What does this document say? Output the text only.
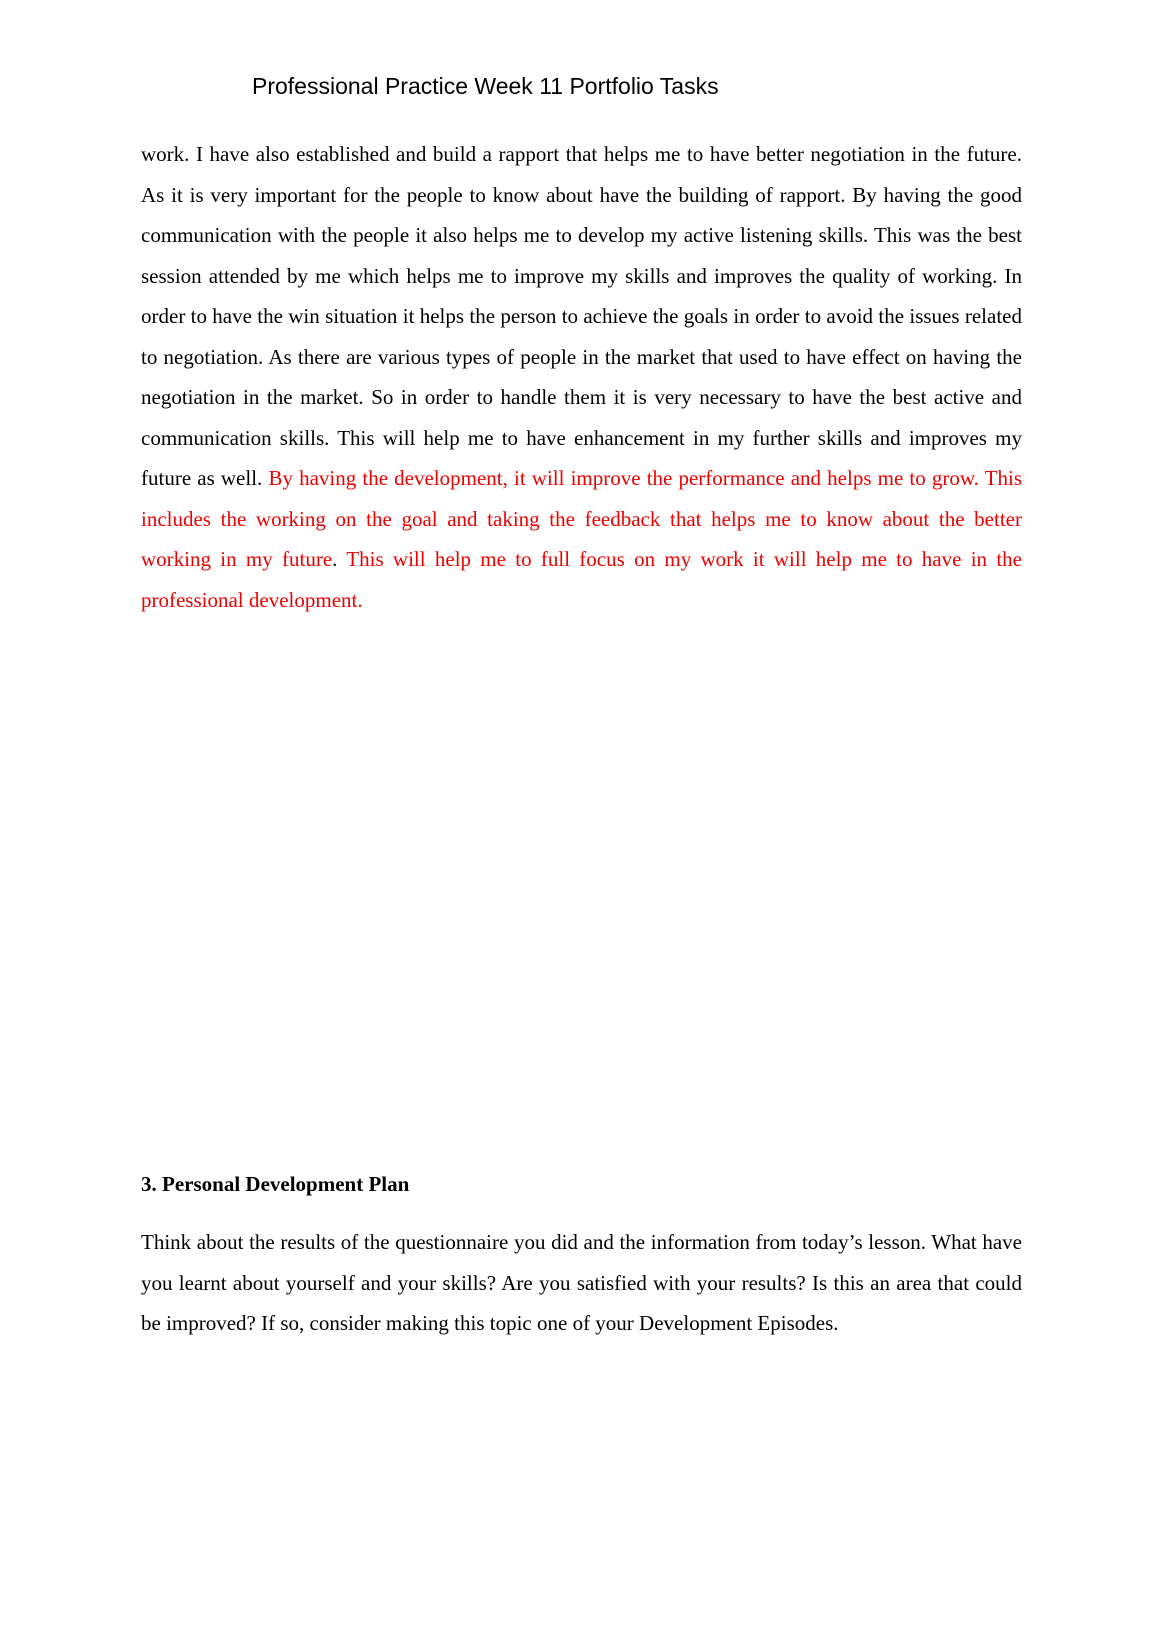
Professional Practice Week 11 Portfolio Tasks

work. I have also established and build a rapport that helps me to have better negotiation in the future. As it is very important for the people to know about have the building of rapport. By having the good communication with the people it also helps me to develop my active listening skills. This was the best session attended by me which helps me to improve my skills and improves the quality of working. In order to have the win situation it helps the person to achieve the goals in order to avoid the issues related to negotiation. As there are various types of people in the market that used to have effect on having the negotiation in the market. So in order to handle them it is very necessary to have the best active and communication skills. This will help me to have enhancement in my further skills and improves my future as well. By having the development, it will improve the performance and helps me to grow. This includes the working on the goal and taking the feedback that helps me to know about the better working in my future. This will help me to full focus on my work it will help me to have in the professional development.

3. Personal Development Plan

Think about the results of the questionnaire you did and the information from today’s lesson. What have you learnt about yourself and your skills? Are you satisfied with your results? Is this an area that could be improved? If so, consider making this topic one of your Development Episodes.
